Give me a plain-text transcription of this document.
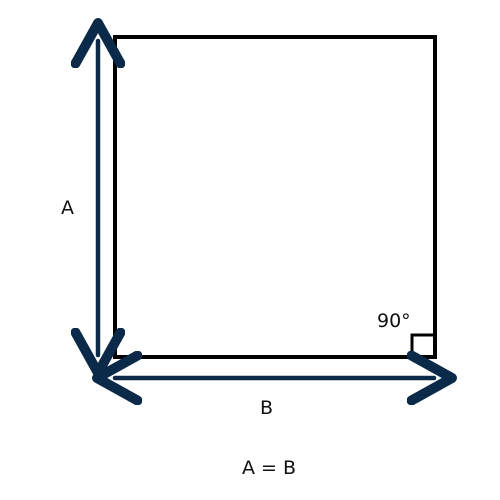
A
B
90°
A = B
